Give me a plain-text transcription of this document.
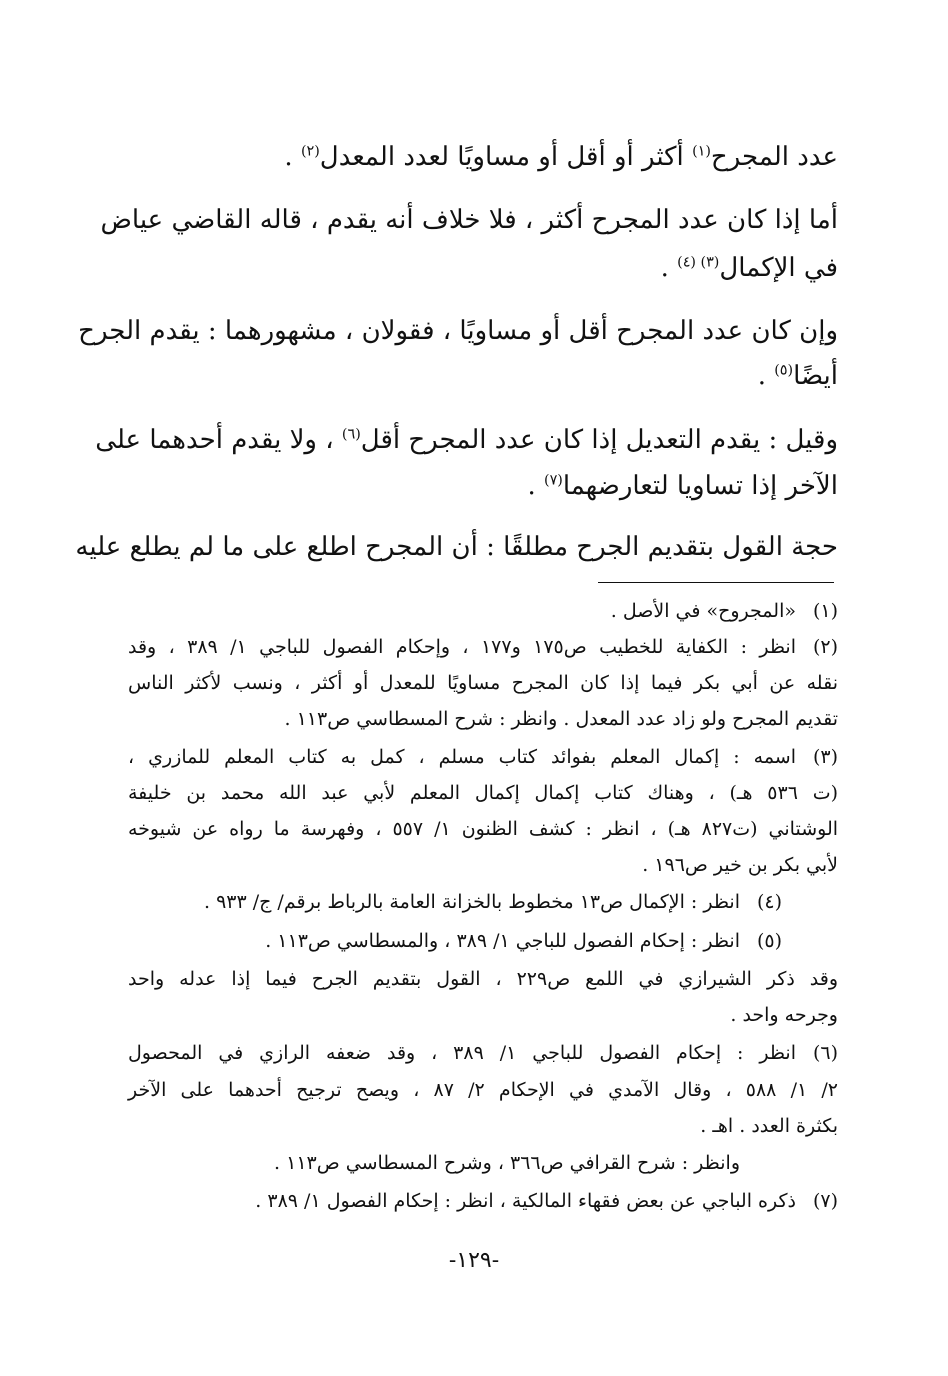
عدد المجرح$^{(١)}$ أكثر أو أقل أو مساويًا لعدد المعدل$^{(٢)}$ .
أما إذا كان عدد المجرح أكثر ، فلا خلاف أنه يقدم ، قاله القاضي عياض
في الإكمال$^{(٣) (٤)}$ .
وإن كان عدد المجرح أقل أو مساويًا ، فقولان ، مشهورهما : يقدم الجرح
أيضًا$^{(٥)}$ .
وقيل : يقدم التعديل إذا كان عدد المجرح أقل$^{(٦)}$ ، ولا يقدم أحدهما على
الآخر إذا تساويا لتعارضهما$^{(٧)}$ .
حجة القول بتقديم الجرح مطلقًا : أن المجرح اطلع على ما لم يطلع عليه
(١)
«المجروح» في الأصل .
(٢)
انظر : الكفاية للخطيب ص١٧٥ و١٧٧ ، وإحكام الفصول للباجي ١/ ٣٨٩ ، وقد
نقله عن أبي بكر فيما إذا كان المجرح مساويًا للمعدل أو أكثر ، ونسب لأكثر الناس
تقديم المجرح ولو زاد عدد المعدل . وانظر : شرح المسطاسي ص١١٣ .
(٣)
اسمه : إكمال المعلم بفوائد كتاب مسلم ، كمل به كتاب المعلم للمازري ،
(ت ٥٣٦ هـ) ، وهناك كتاب إكمال إكمال المعلم لأبي عبد الله محمد بن خليفة
الوشتاني (ت٨٢٧ هـ) ، انظر : كشف الظنون ١/ ٥٥٧ ، وفهرسة ما رواه عن شيوخه
لأبي بكر بن خير ص١٩٦ .
(٤)
انظر : الإكمال ص١٣ مخطوط بالخزانة العامة بالرباط برقم/ ج/ ٩٣٣ .
(٥)
انظر : إحكام الفصول للباجي ١/ ٣٨٩ ، والمسطاسي ص١١٣ .
وقد ذكر الشيرازي في اللمع ص٢٢٩ ، القول بتقديم الجرح فيما إذا عدله واحد
وجرحه واحد .
(٦)
انظر : إحكام الفصول للباجي ١/ ٣٨٩ ، وقد ضعفه الرازي في المحصول
٢/ ١/ ٥٨٨ ، وقال الآمدي في الإحكام ٢/ ٨٧ ، ويصح ترجيح أحدهما على الآخر
بكثرة العدد . اهـ .
وانظر : شرح القرافي ص٣٦٦ ، وشرح المسطاسي ص١١٣ .
(٧)
ذكره الباجي عن بعض فقهاء المالكية ، انظر : إحكام الفصول ١/ ٣٨٩ .
-١٢٩-
